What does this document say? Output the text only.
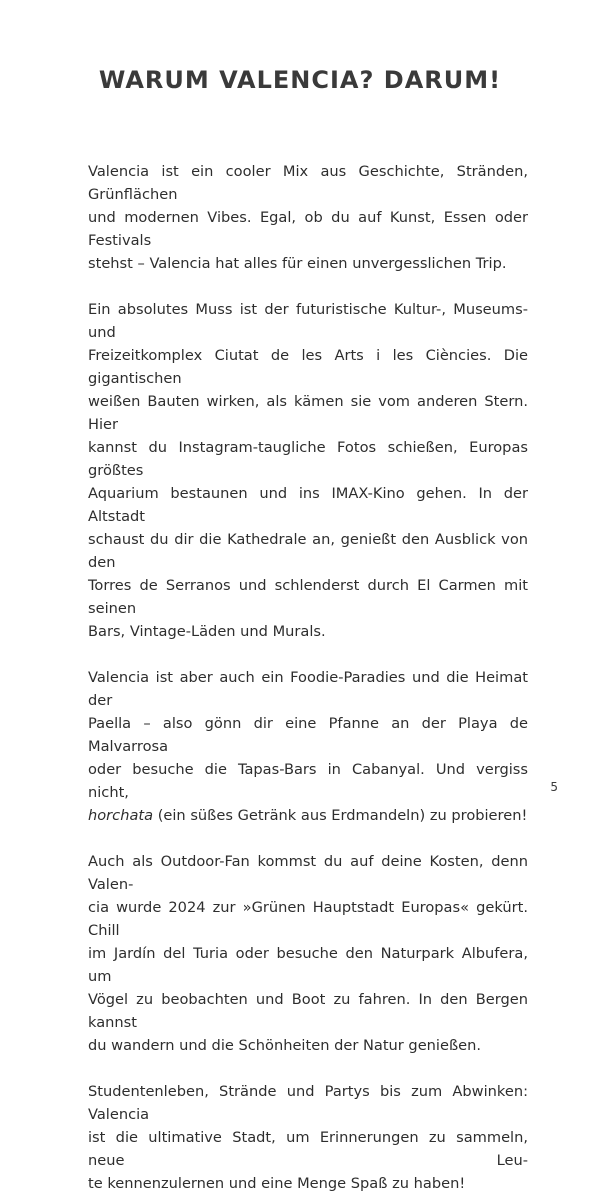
WARUM VALENCIA? DARUM!

Valencia ist ein cooler Mix aus Geschichte, Stränden, Grünflächen
und modernen Vibes. Egal, ob du auf Kunst, Essen oder Festivals
stehst – Valencia hat alles für einen unvergesslichen Trip.

Ein absolutes Muss ist der futuristische Kultur-, Museums- und
Freizeitkomplex Ciutat de les Arts i les Ciències. Die gigantischen
weißen Bauten wirken, als kämen sie vom anderen Stern. Hier
kannst du Instagram-taugliche Fotos schießen, Europas größtes
Aquarium bestaunen und ins IMAX-Kino gehen. In der Altstadt
schaust du dir die Kathedrale an, genießt den Ausblick von den
Torres de Serranos und schlenderst durch El Carmen mit seinen
Bars, Vintage-Läden und Murals.

Valencia ist aber auch ein Foodie-Paradies und die Heimat der
Paella – also gönn dir eine Pfanne an der Playa de Malvarrosa
oder besuche die Tapas-Bars in Cabanyal. Und vergiss nicht,
horchata (ein süßes Getränk aus Erdmandeln) zu probieren!

Auch als Outdoor-Fan kommst du auf deine Kosten, denn Valen-
cia wurde 2024 zur »Grünen Hauptstadt Europas« gekürt. Chill
im Jardín del Turia oder besuche den Naturpark Albufera, um
Vögel zu beobachten und Boot zu fahren. In den Bergen kannst
du wandern und die Schönheiten der Natur genießen.

Studentenleben, Strände und Partys bis zum Abwinken: Valencia
ist die ultimative Stadt, um Erinnerungen zu sammeln, neue Leu-
te kennenzulernen und eine Menge Spaß zu haben!

5
